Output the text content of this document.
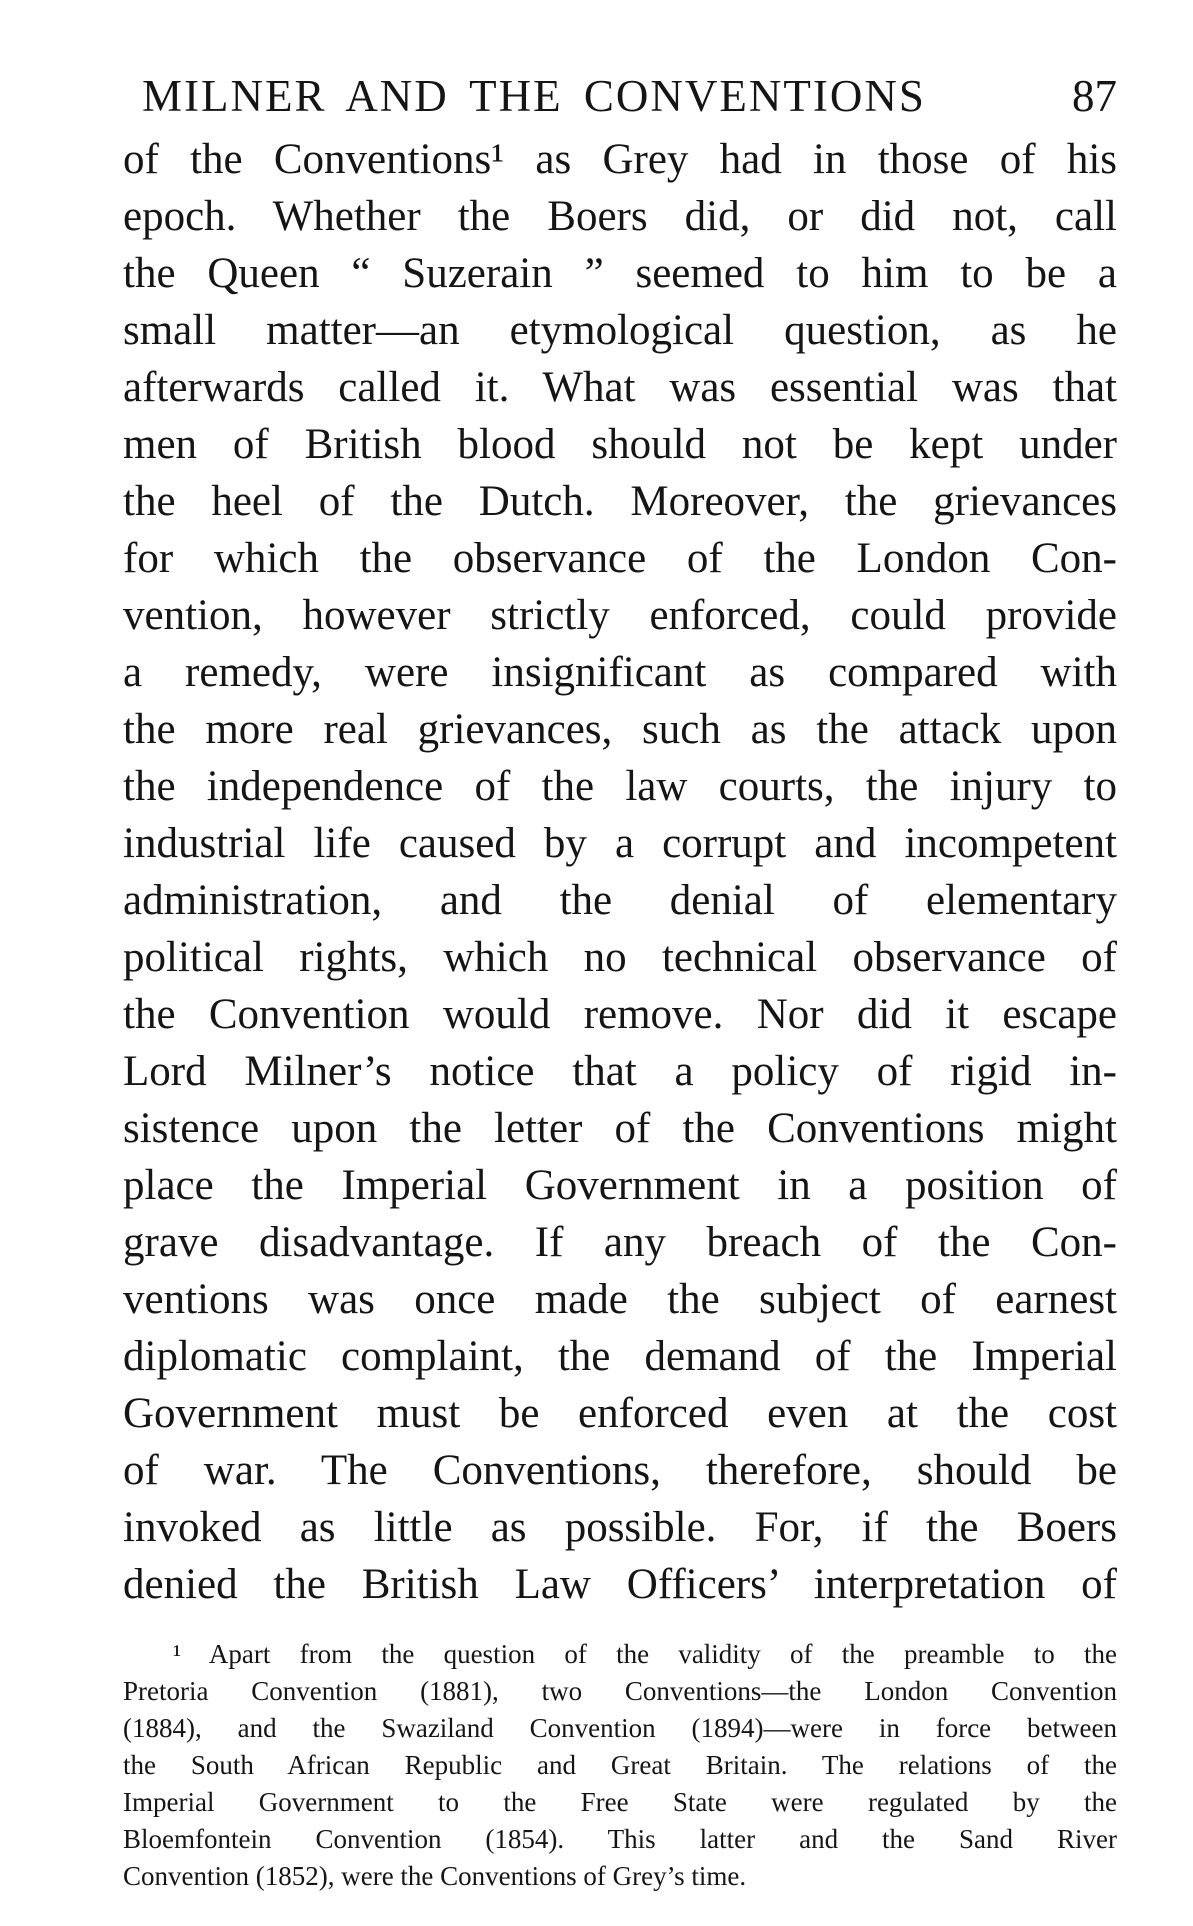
MILNER AND THE CONVENTIONS	87
of the Conventions¹ as Grey had in those of his
epoch. Whether the Boers did, or did not, call
the Queen “ Suzerain ” seemed to him to be a
small matter—an etymological question, as he
afterwards called it. What was essential was that
men of British blood should not be kept under
the heel of the Dutch. Moreover, the grievances
for which the observance of the London Con-
vention, however strictly enforced, could provide
a remedy, were insignificant as compared with
the more real grievances, such as the attack upon
the independence of the law courts, the injury to
industrial life caused by a corrupt and incompetent
administration, and the denial of elementary
political rights, which no technical observance of
the Convention would remove. Nor did it escape
Lord Milner’s notice that a policy of rigid in-
sistence upon the letter of the Conventions might
place the Imperial Government in a position of
grave disadvantage. If any breach of the Con-
ventions was once made the subject of earnest
diplomatic complaint, the demand of the Imperial
Government must be enforced even at the cost
of war. The Conventions, therefore, should be
invoked as little as possible. For, if the Boers
denied the British Law Officers’ interpretation of
¹ Apart from the question of the validity of the preamble to the
Pretoria Convention (1881), two Conventions—the London Convention
(1884), and the Swaziland Convention (1894)—were in force between
the South African Republic and Great Britain. The relations of the
Imperial Government to the Free State were regulated by the
Bloemfontein Convention (1854). This latter and the Sand River
Convention (1852), were the Conventions of Grey’s time.
